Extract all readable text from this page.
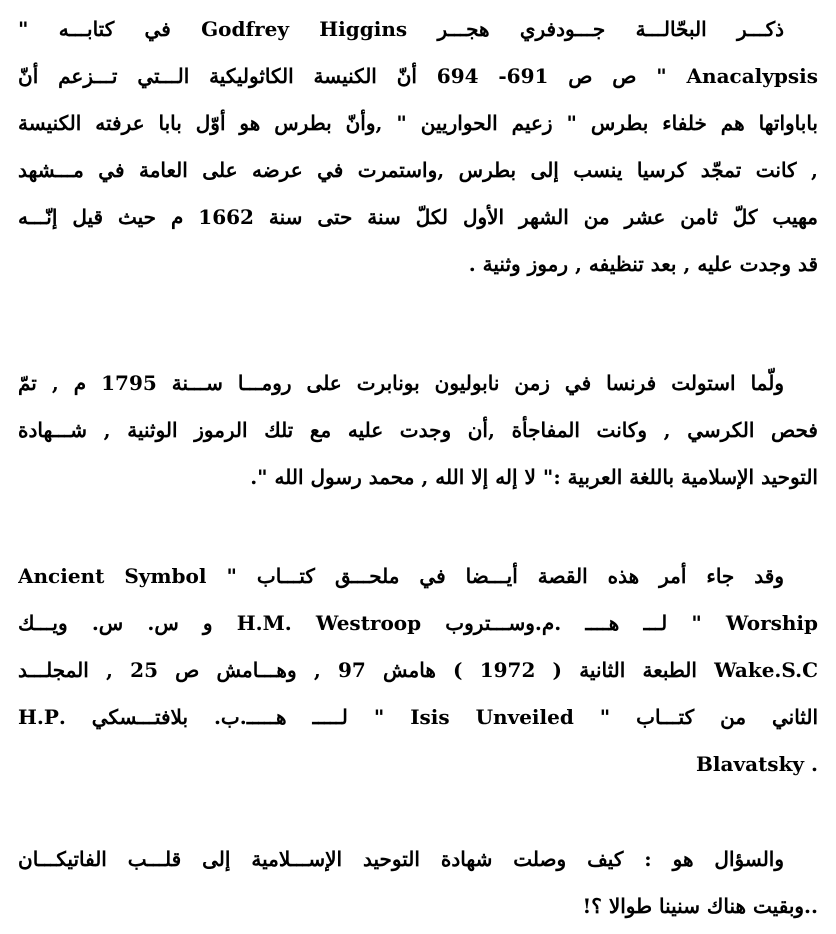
ذكـــر البحّالـــة جـــودفري هجـــر Godfrey Higgins في كتابـــه "
Anacalypsis " ص ص 691- 694 أنّ الكنيسة الكاثوليكية الـــتي تـــزعم أنّ
باباواتها هم خلفاء بطرس " زعيم الحواريين " ,وأنّ بطرس هو أوّل بابا عرفته الكنيسة
, كانت تمجّد كرسيا ينسب إلى بطرس ,واستمرت في عرضه على العامة في مـــشهد
مهيب كلّ ثامن عشر من الشهر الأول لكلّ سنة حتى سنة 1662 م حيث قيل إنّـــه
قد وجدت عليه , بعد تنظيفه , رموز وثنية .
ولّما استولت فرنسا في زمن نابوليون بونابرت على رومـــا ســـنة 1795 م , تمّ
فحص الكرسي , وكانت المفاجأة ,أن وجدت عليه مع تلك الرموز الوثنية , شـــهادة
التوحيد الإسلامية باللغة العربية :" لا إله إلا الله , محمد رسول الله ".
وقد جاء أمر هذه القصة أيـــضا في ملحـــق كتـــاب " Ancient Symbol
Worship " لـــ هــــ .م.وســـتروب H.M. Westroop و س. س. ويـــك
Wake.S.C الطبعة الثانية ( 1972 ) هامش 97 , وهـــامش ص 25 , المجلـــد
الثاني من كتـــاب " Isis Unveiled " لـــــ هـــــ.ب. بلافتـــسكي .H.P
. Blavatsky
والسؤال هو : كيف وصلت شهادة التوحيد الإســـلامية إلى قلـــب الفاتيكـــان
..وبقيت هناك سنينا طوالا ؟!
